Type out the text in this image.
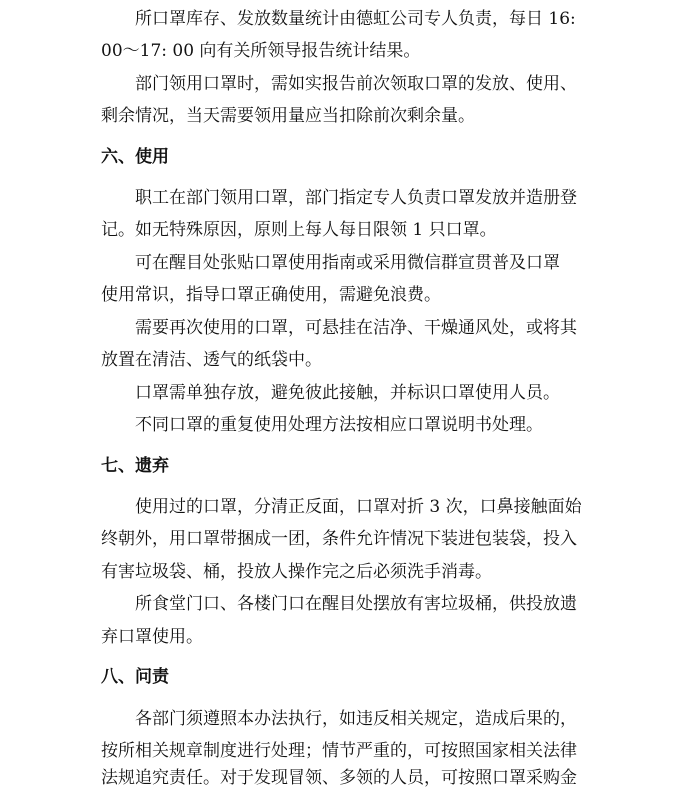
所口罩库存、发放数量统计由德虹公司专人负责，每日 16:
00～17: 00 向有关所领导报告统计结果。
部门领用口罩时，需如实报告前次领取口罩的发放、使用、
剩余情况，当天需要领用量应当扣除前次剩余量。
六、使用
职工在部门领用口罩，部门指定专人负责口罩发放并造册登
记。如无特殊原因，原则上每人每日限领 1 只口罩。
可在醒目处张贴口罩使用指南或采用微信群宣贯普及口罩
使用常识，指导口罩正确使用，需避免浪费。
需要再次使用的口罩，可悬挂在洁净、干燥通风处，或将其
放置在清洁、透气的纸袋中。
口罩需单独存放，避免彼此接触，并标识口罩使用人员。
不同口罩的重复使用处理方法按相应口罩说明书处理。
七、遗弃
使用过的口罩，分清正反面，口罩对折 3 次，口鼻接触面始
终朝外，用口罩带捆成一团，条件允许情况下装进包装袋，投入
有害垃圾袋、桶，投放人操作完之后必须洗手消毒。
所食堂门口、各楼门口在醒目处摆放有害垃圾桶，供投放遗
弃口罩使用。
八、问责
各部门须遵照本办法执行，如违反相关规定，造成后果的，
按所相关规章制度进行处理；情节严重的，可按照国家相关法律
法规追究责任。对于发现冒领、多领的人员，可按照口罩采购金
